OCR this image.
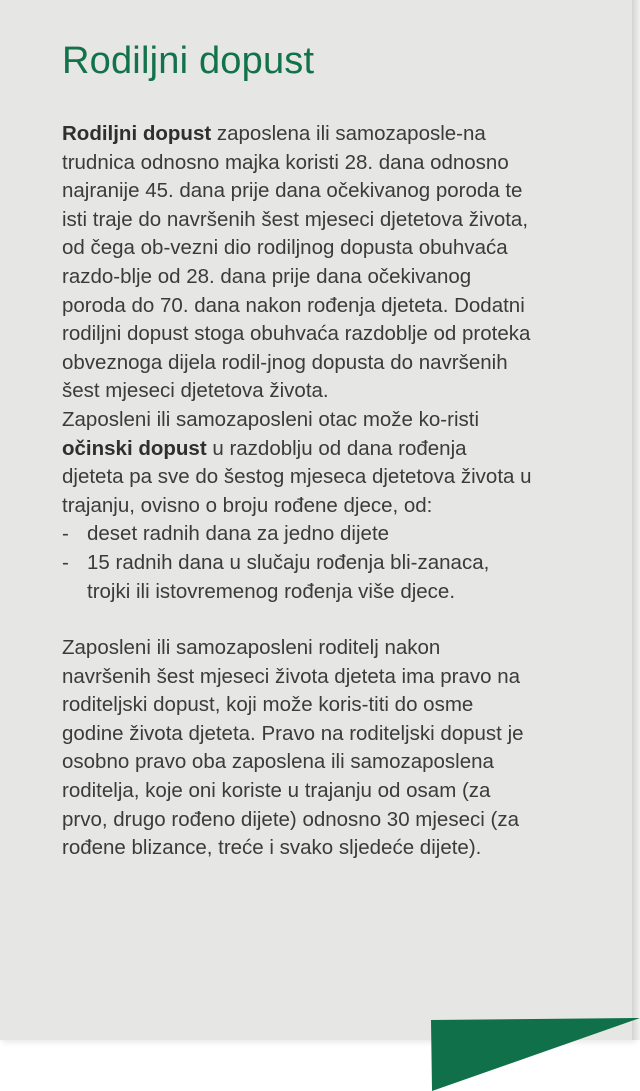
Rodiljni dopust

Rodiljni dopust zaposlena ili samozaposle-na trudnica odnosno majka koristi 28. dana odnosno najranije 45. dana prije dana očekivanog poroda te isti traje do navršenih šest mjeseci djetetova života, od čega ob-vezni dio rodiljnog dopusta obuhvaća razdo-blje od 28. dana prije dana očekivanog poroda do 70. dana nakon rođenja djeteta. Dodatni rodiljni dopust stoga obuhvaća razdoblje od proteka obveznoga dijela rodil-jnog dopusta do navršenih šest mjeseci djetetova života.

Zaposleni ili samozaposleni otac može ko-risti očinski dopust u razdoblju od dana rođenja djeteta pa sve do šestog mjeseca djetetova života u trajanju, ovisno o broju rođene djece, od:

- deset radnih dana za jedno dijete
- 15 radnih dana u slučaju rođenja bli-zanaca, trojki ili istovremenog rođenja više djece.

Zaposleni ili samozaposleni roditelj nakon navršenih šest mjeseci života djeteta ima pravo na roditeljski dopust, koji može koris-titi do osme godine života djeteta. Pravo na roditeljski dopust je osobno pravo oba zaposlena ili samozaposlena roditelja, koje oni koriste u trajanju od osam (za prvo, drugo rođeno dijete) odnosno 30 mjeseci (za rođene blizance, treće i svako sljedeće dijete).
